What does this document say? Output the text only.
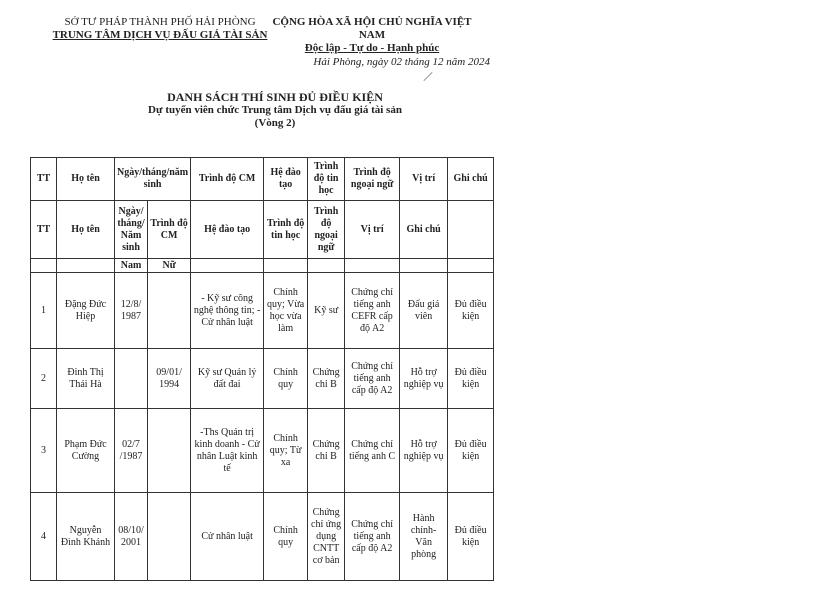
SỞ TƯ PHÁP THÀNH PHỐ HẢI PHÒNG
TRUNG TÂM DỊCH VỤ ĐẤU GIÁ TÀI SẢN
CỘNG HÒA XÃ HỘI CHỦ NGHĨA VIỆT NAM
Độc lập - Tự do - Hạnh phúc
Hải Phòng, ngày 02 tháng 12 năm 2024
DANH SÁCH THÍ SINH ĐỦ ĐIỀU KIỆN
Dự tuyển viên chức Trung tâm Dịch vụ đấu giá tài sản
(Vòng 2)
TT	Họ tên	Ngày/tháng/năm sinh		Trình độ CM	Hệ đào tạo	Trình độ tin học	Trình độ ngoại ngữ	Vị trí	Ghi chú
TT	Họ tên	Ngày/ tháng/ Năm sinh	Trình độ CM	Hệ đào tạo	Trình độ tin học	Trình độ ngoại ngữ	Vị trí	Ghi chú	
		Nam	Nữ						
1	Đặng Đức Hiệp	12/8/ 1987		- Kỹ sư công nghệ thông tin; - Cử nhân luật	Chính quy; Vừa học vừa làm	Kỹ sư	Chứng chỉ tiếng anh CEFR cấp độ A2	Đấu giá viên	Đủ điều kiện
2	Đinh Thị Thái Hà		09/01/ 1994	Kỹ sư Quản lý đất đai	Chính quy	Chứng chỉ B	Chứng chỉ tiếng anh cấp độ A2	Hỗ trợ nghiệp vụ	Đủ điều kiện
3	Phạm Đức Cường	02/7 /1987		-Ths Quản trị kinh doanh - Cử nhân Luật kinh tế	Chính quy; Từ xa	Chứng chỉ B	Chứng chỉ tiếng anh C	Hỗ trợ nghiệp vụ	Đủ điều kiện
4	Nguyễn Đình Khánh	08/10/ 2001		Cử nhân luật	Chính quy	Chứng chỉ ứng dụng CNTT cơ bản	Chứng chỉ tiếng anh cấp độ A2	Hành chính- Văn phòng	Đủ điều kiện
